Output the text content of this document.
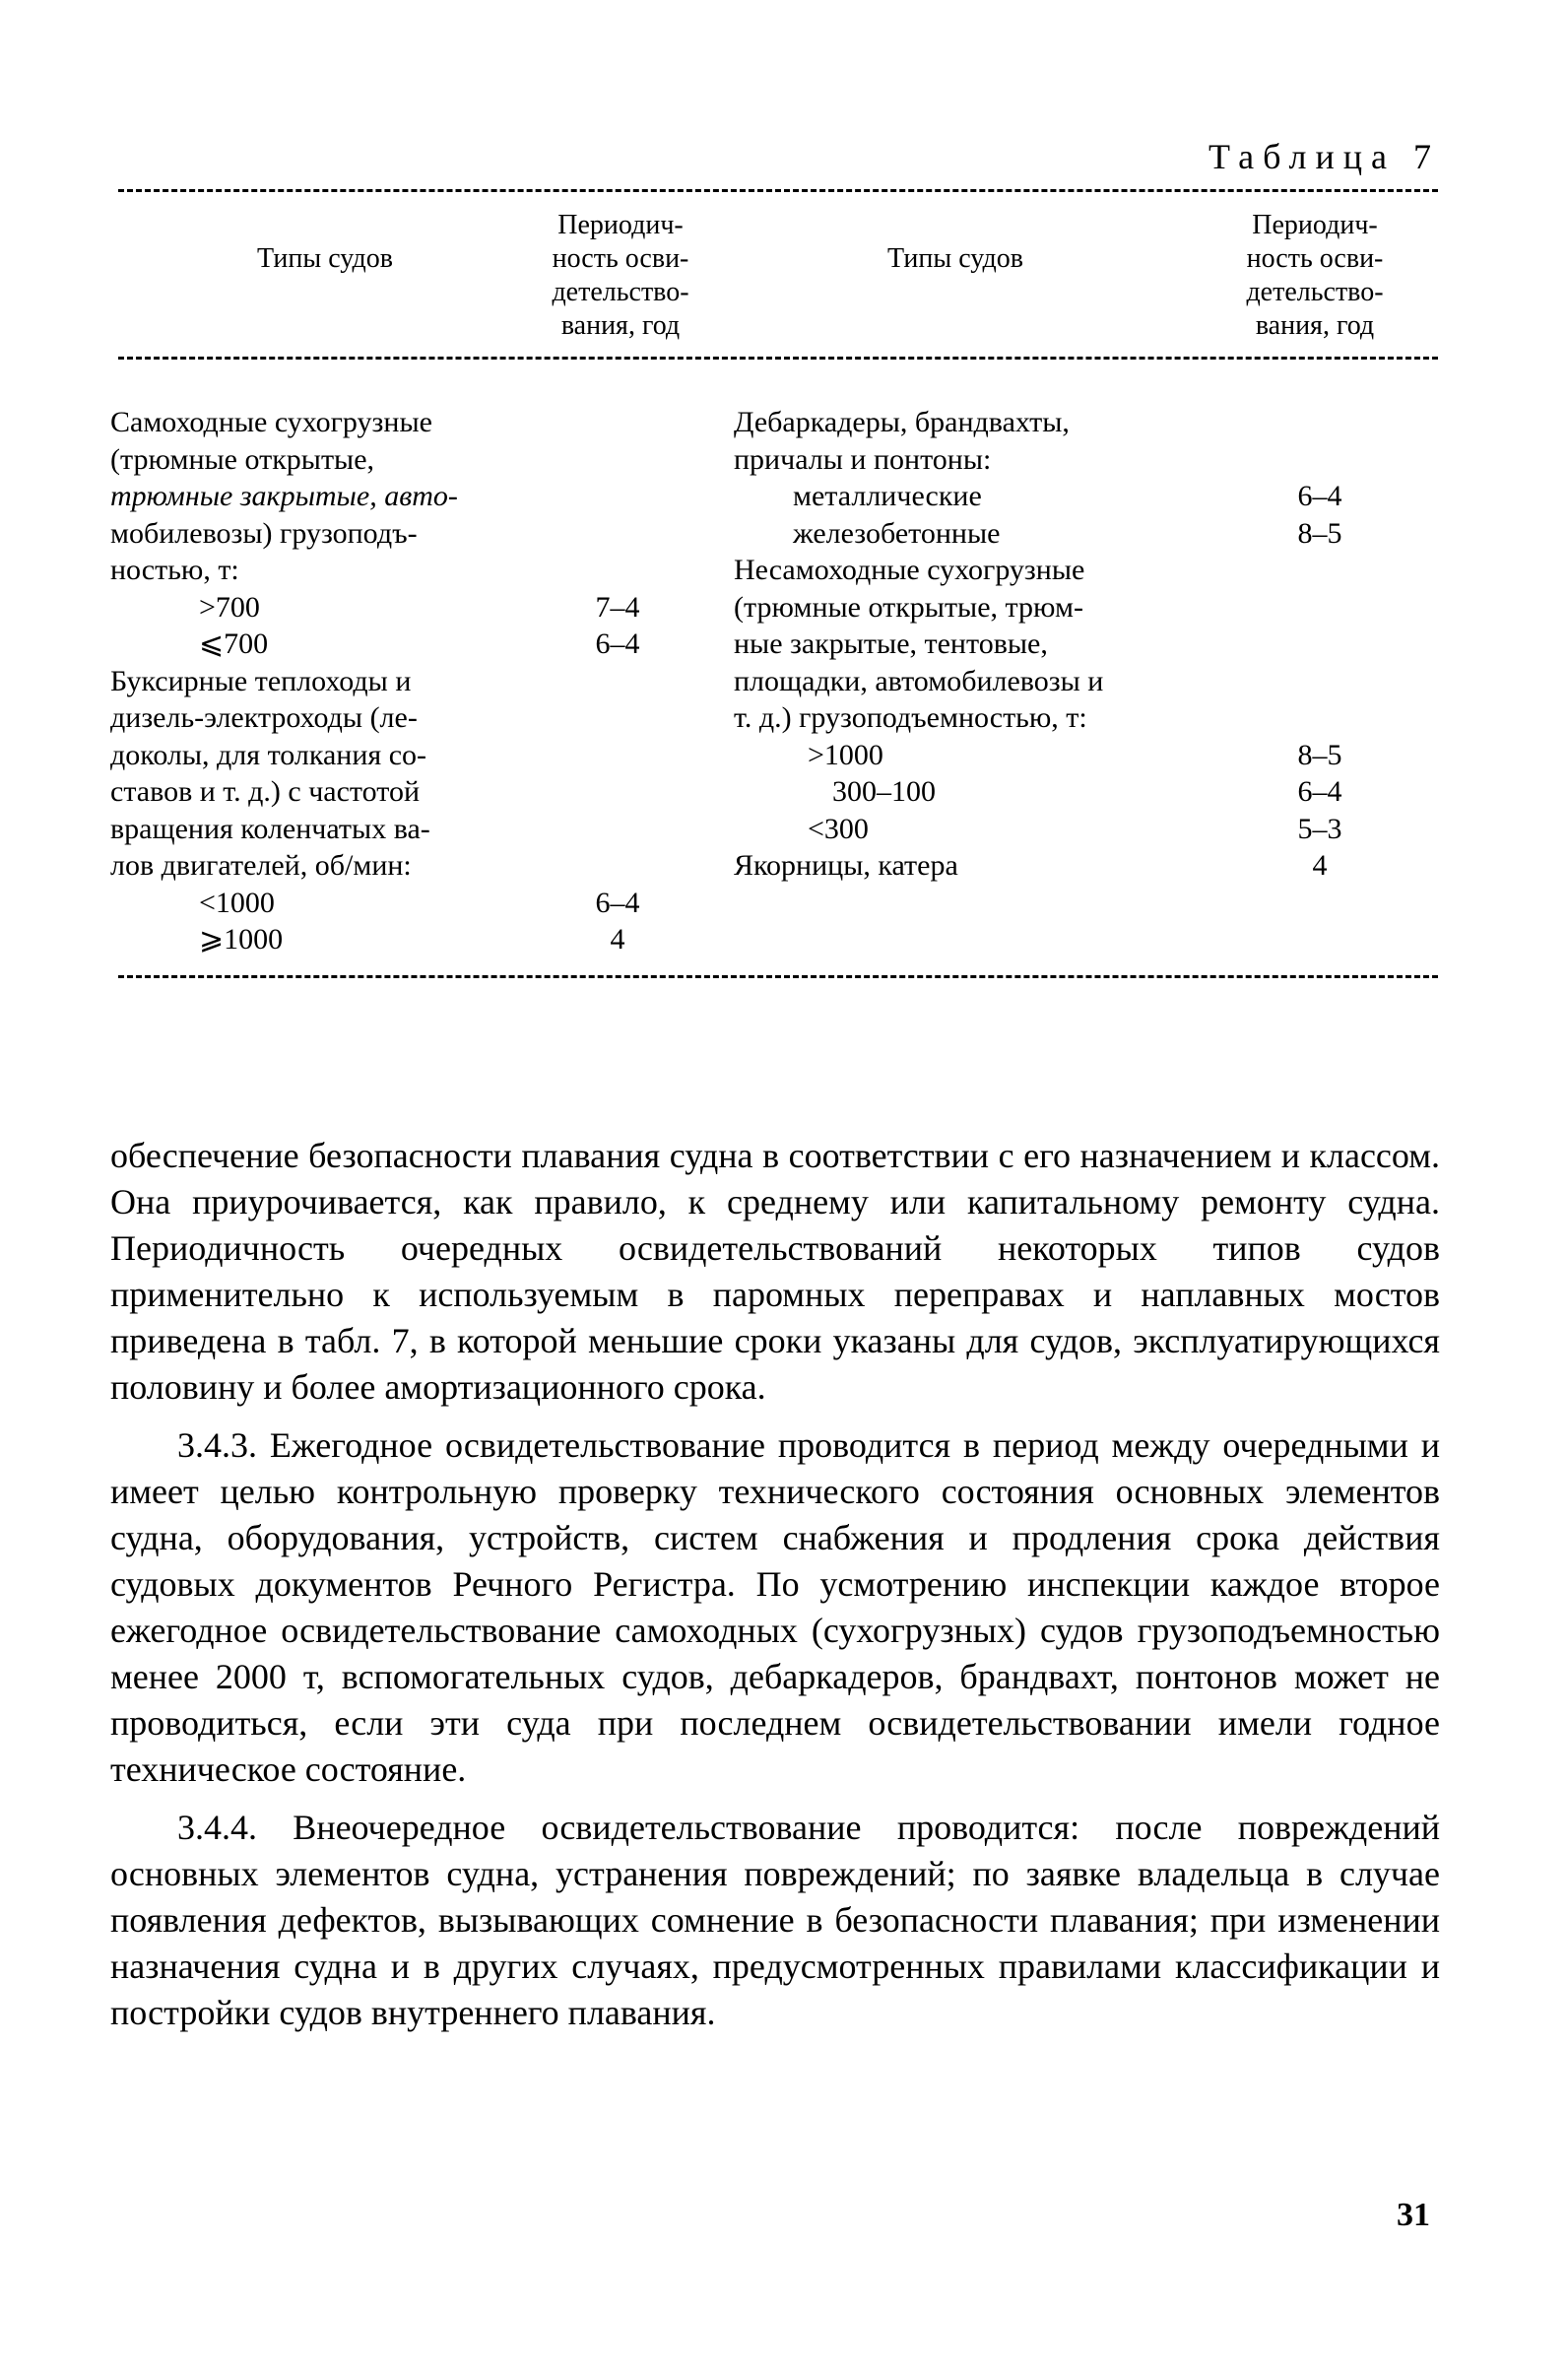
Таблица 7
Типы судов
Периодич-
ность осви-
детельство-
вания, год
Типы судов
Периодич-
ность осви-
детельство-
вания, год
Самоходные сухогрузные
(трюмные открытые,
трюмные закрытые, авто-
мобилевозы) грузоподъ-
ностью, т:
>700
⩽700
Буксирные теплоходы и
дизель-электроходы (ле-
доколы, для толкания со-
ставов и т. д.) с частотой
вращения коленчатых ва-
лов двигателей, об/мин:
<1000
⩾1000
7–4
6–4
6–4
4
Дебаркадеры, брандвахты,
причалы и понтоны:
металлические
железобетонные
Несамоходные сухогрузные
(трюмные открытые, трюм-
ные закрытые, тентовые,
площадки, автомобилевозы и
т. д.) грузоподъемностью, т:
>1000
300–100
<300
Якорницы, катера
6–4
8–5
8–5
6–4
5–3
4

обеспечение безопасности плавания судна в соответствии с его назначением и классом. Она приурочивается, как правило, к среднему или капитальному ремонту судна. Периодичность очередных освидетельствований некоторых типов судов применительно к используемым в паромных переправах и наплавных мостов приведена в табл. 7, в которой меньшие сроки указаны для судов, эксплуатирующихся половину и более амортизационного срока.

3.4.3. Ежегодное освидетельствование проводится в период между очередными и имеет целью контрольную проверку технического состояния основных элементов судна, оборудования, устройств, систем снабжения и продления срока действия судовых документов Речного Регистра. По усмотрению инспекции каждое второе ежегодное освидетельствование самоходных (сухогрузных) судов грузоподъемностью менее 2000 т, вспомогательных судов, дебаркадеров, брандвахт, понтонов может не проводиться, если эти суда при последнем освидетельствовании имели годное техническое состояние.

3.4.4. Внеочередное освидетельствование проводится: после повреждений основных элементов судна, устранения повреждений; по заявке владельца в случае появления дефектов, вызывающих сомнение в безопасности плавания; при изменении назначения судна и в других случаях, предусмотренных правилами классификации и постройки судов внутреннего плавания.

31
